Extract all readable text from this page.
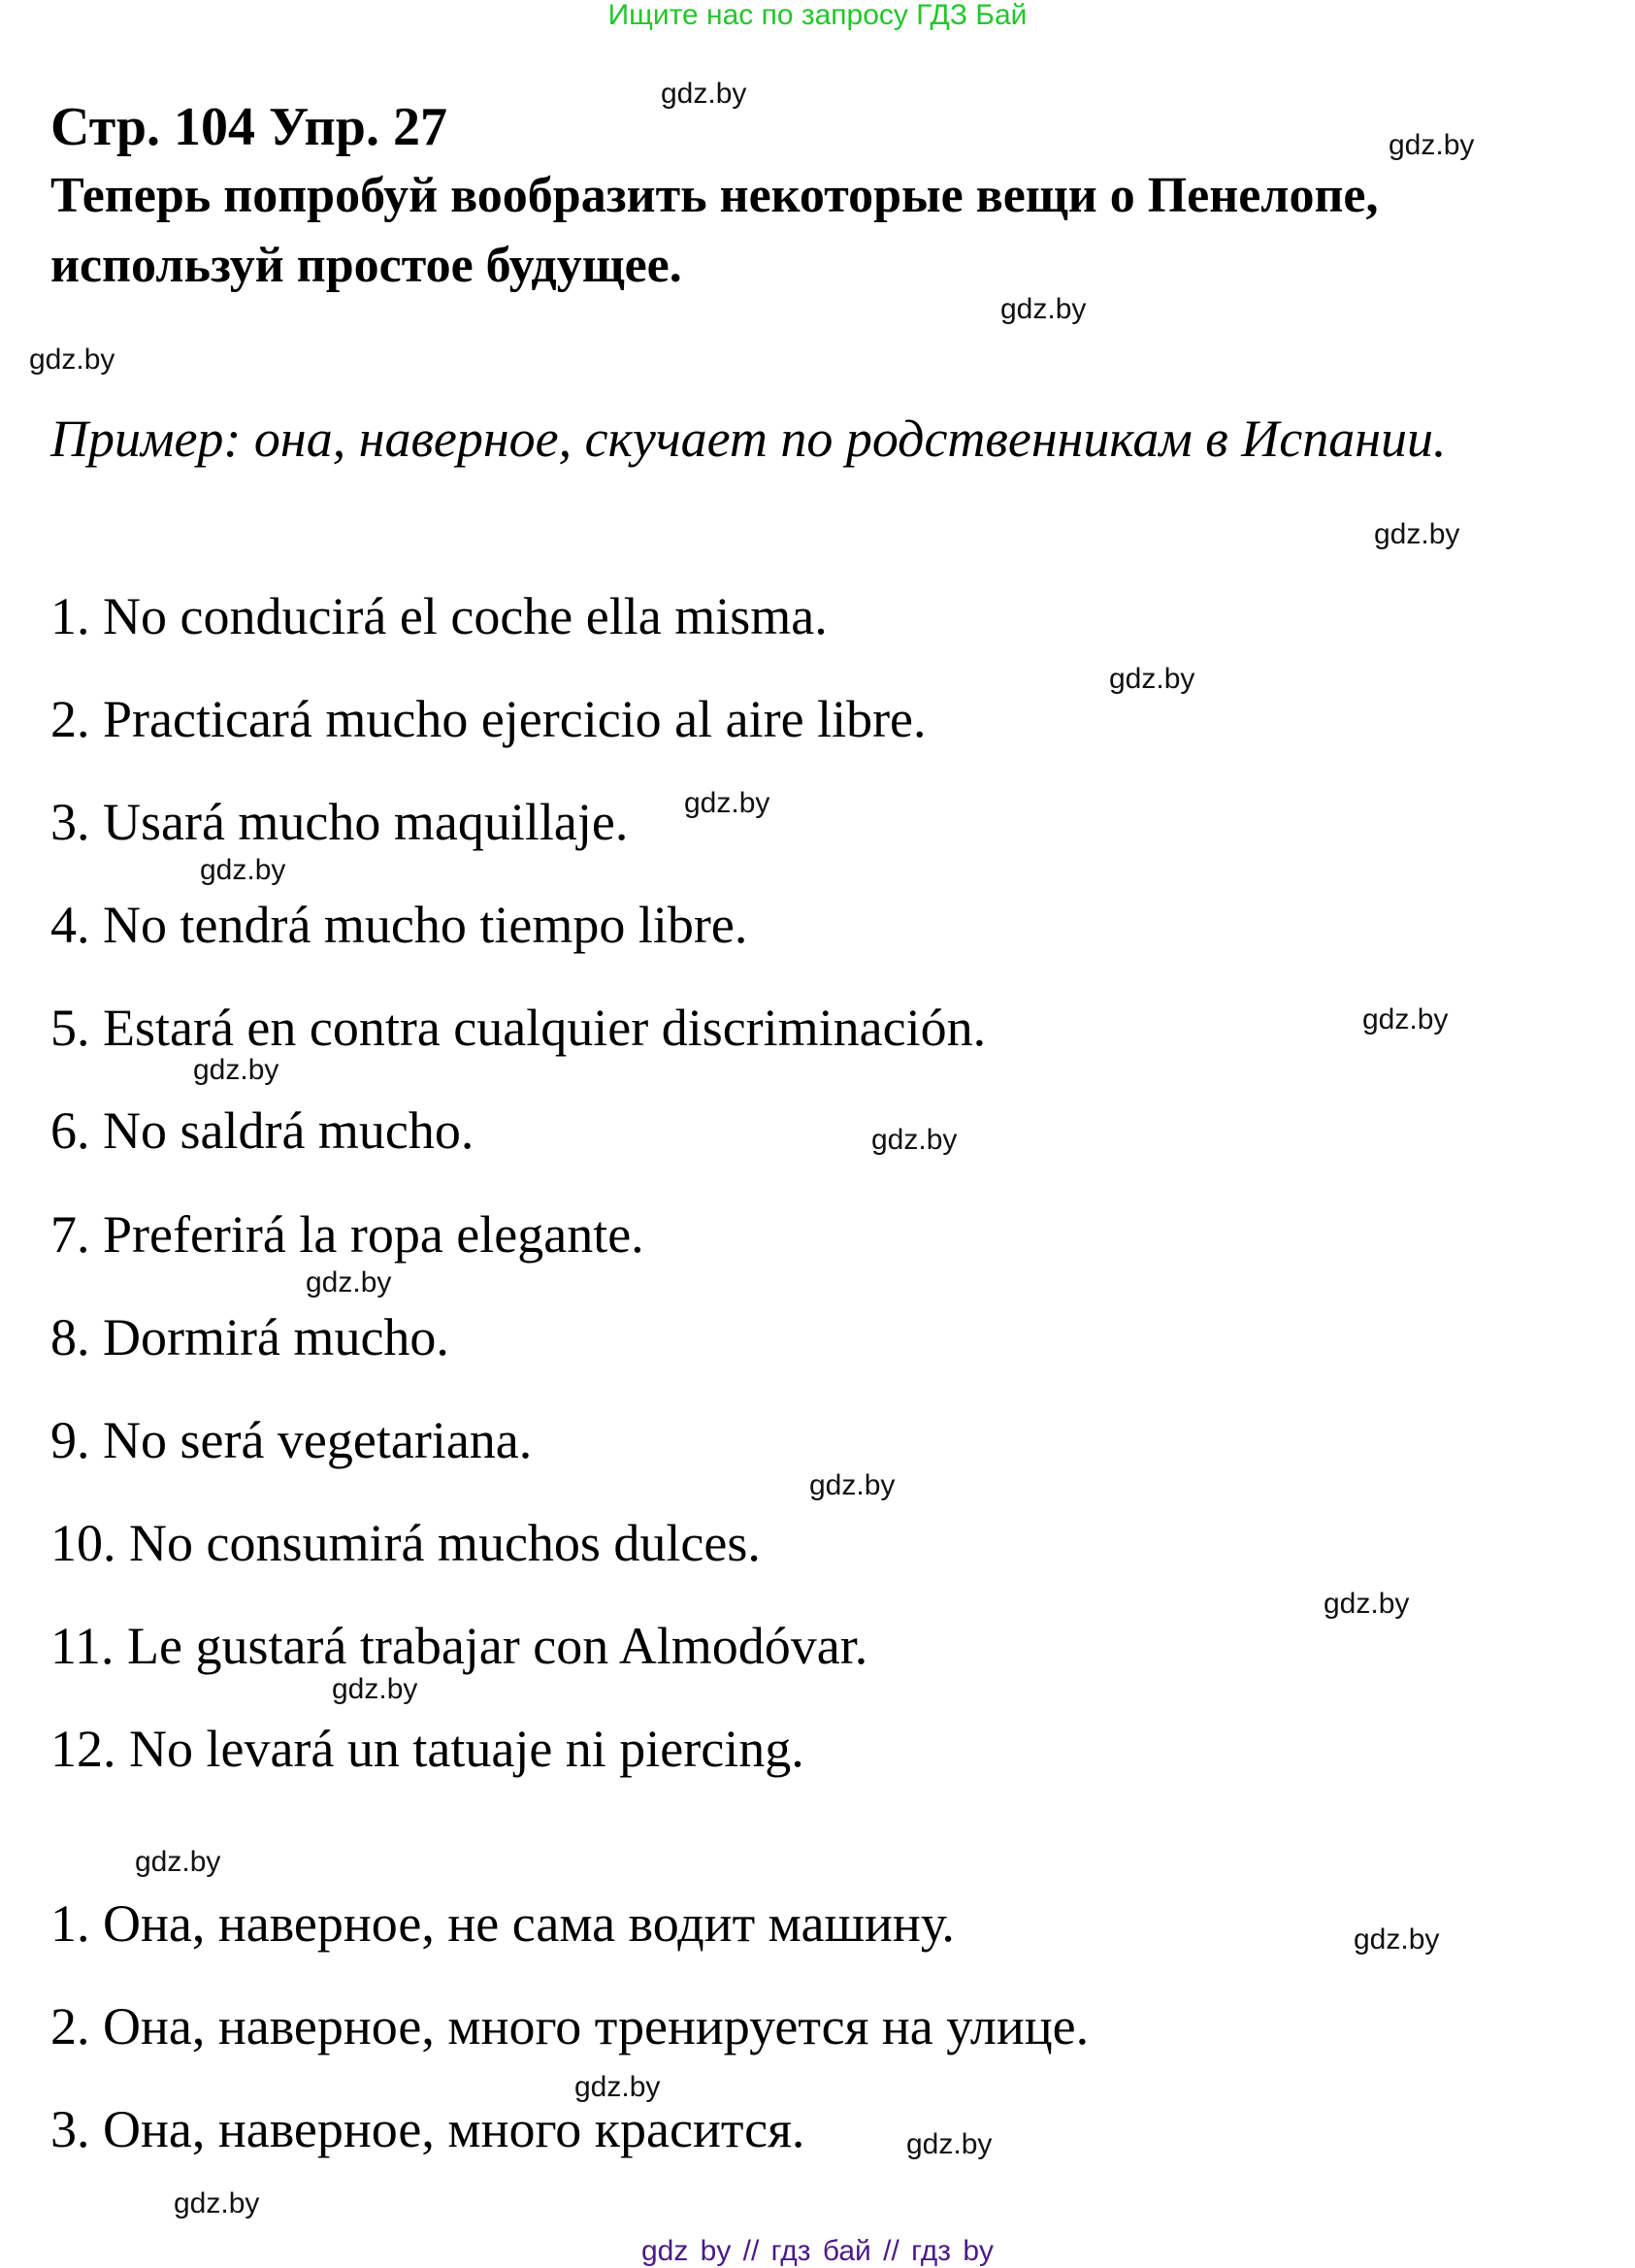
Ищите нас по запросу ГДЗ Бай
Стр. 104 Упр. 27
Теперь попробуй вообразить некоторые вещи о Пенелопе,
используй простое будущее.
Пример: она, наверное, скучает по родственникам в Испании.
1. No conducirá el coche ella misma.
2. Practicará mucho ejercicio al aire libre.
3. Usará mucho maquillaje.
4. No tendrá mucho tiempo libre.
5. Estará en contra cualquier discriminación.
6. No saldrá mucho.
7. Preferirá la ropa elegante.
8. Dormirá mucho.
9. No será vegetariana.
10. No consumirá muchos dulces.
11. Le gustará trabajar con Almodóvar.
12. No levará un tatuaje ni piercing.
1. Она, наверное, не сама водит машину.
2. Она, наверное, много тренируется на улице.
3. Она, наверное, много красится.
gdz.by
gdz.by
gdz.by
gdz.by
gdz.by
gdz.by
gdz.by
gdz.by
gdz.by
gdz.by
gdz.by
gdz.by
gdz.by
gdz.by
gdz.by
gdz.by
gdz.by
gdz.by
gdz.by
gdz.by
gdz by // гдз бай // гдз by
